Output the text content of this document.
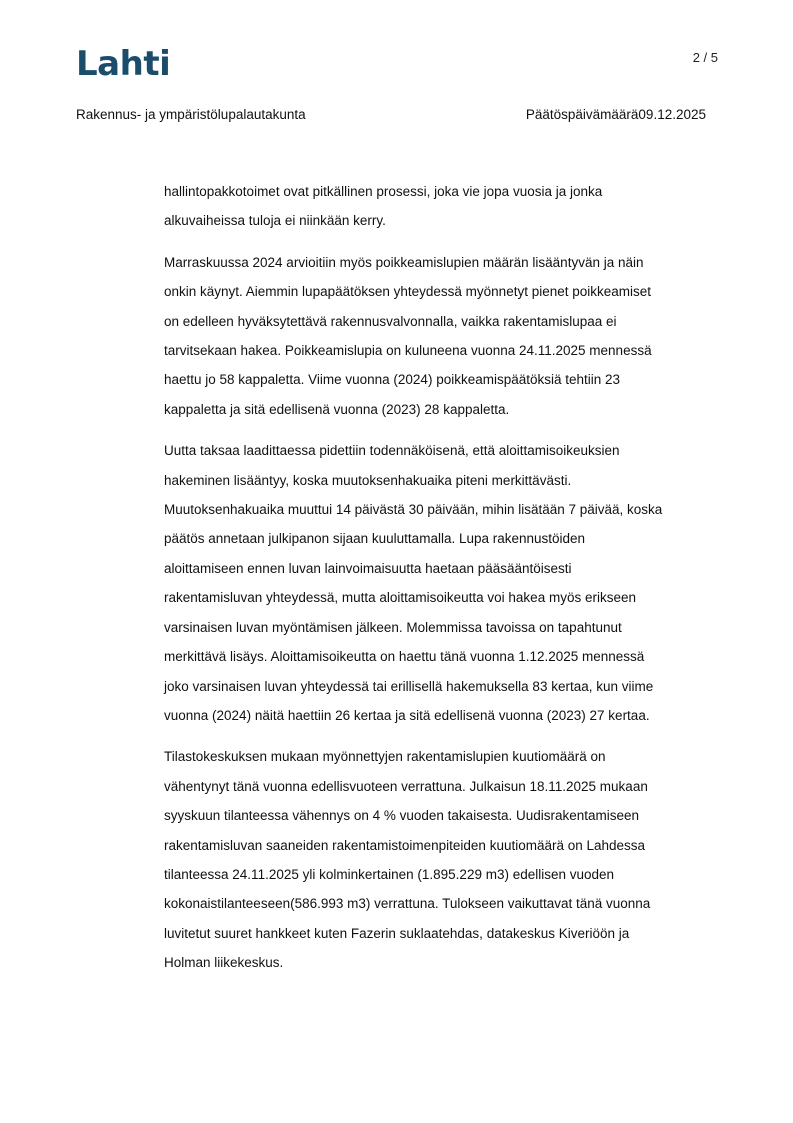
Lahti	2 / 5
Rakennus- ja ympäristölupalautakunta	Päätöspäivämäärä09.12.2025

hallintopakkotoimet ovat pitkällinen prosessi, joka vie jopa vuosia ja jonka
alkuvaiheissa tuloja ei niinkään kerry.

Marraskuussa 2024 arvioitiin myös poikkeamislupien määrän lisääntyvän ja näin
onkin käynyt. Aiemmin lupapäätöksen yhteydessä myönnetyt pienet poikkeamiset
on edelleen hyväksytettävä rakennusvalvonnalla, vaikka rakentamislupaa ei
tarvitsekaan hakea. Poikkeamislupia on kuluneena vuonna 24.11.2025 mennessä
haettu jo 58 kappaletta. Viime vuonna (2024) poikkeamispäätöksiä tehtiin 23
kappaletta ja sitä edellisenä vuonna (2023) 28 kappaletta.

Uutta taksaa laadittaessa pidettiin todennäköisenä, että aloittamisoikeuksien
hakeminen lisääntyy, koska muutoksenhakuaika piteni merkittävästi.
Muutoksenhakuaika muuttui 14 päivästä 30 päivään, mihin lisätään 7 päivää, koska
päätös annetaan julkipanon sijaan kuuluttamalla. Lupa rakennustöiden
aloittamiseen ennen luvan lainvoimaisuutta haetaan pääsääntöisesti
rakentamisluvan yhteydessä, mutta aloittamisoikeutta voi hakea myös erikseen
varsinaisen luvan myöntämisen jälkeen. Molemmissa tavoissa on tapahtunut
merkittävä lisäys. Aloittamisoikeutta on haettu tänä vuonna 1.12.2025 mennessä
joko varsinaisen luvan yhteydessä tai erillisellä hakemuksella 83 kertaa, kun viime
vuonna (2024) näitä haettiin 26 kertaa ja sitä edellisenä vuonna (2023) 27 kertaa.

Tilastokeskuksen mukaan myönnettyjen rakentamislupien kuutiomäärä on
vähentynyt tänä vuonna edellisvuoteen verrattuna. Julkaisun 18.11.2025 mukaan
syyskuun tilanteessa vähennys on 4 % vuoden takaisesta. Uudisrakentamiseen
rakentamisluvan saaneiden rakentamistoimenpiteiden kuutiomäärä on Lahdessa
tilanteessa 24.11.2025 yli kolminkertainen (1.895.229 m3) edellisen vuoden
kokonaistilanteeseen(586.993 m3) verrattuna. Tulokseen vaikuttavat tänä vuonna
luvitetut suuret hankkeet kuten Fazerin suklaatehdas, datakeskus Kiveriöön ja
Holman liikekeskus.
